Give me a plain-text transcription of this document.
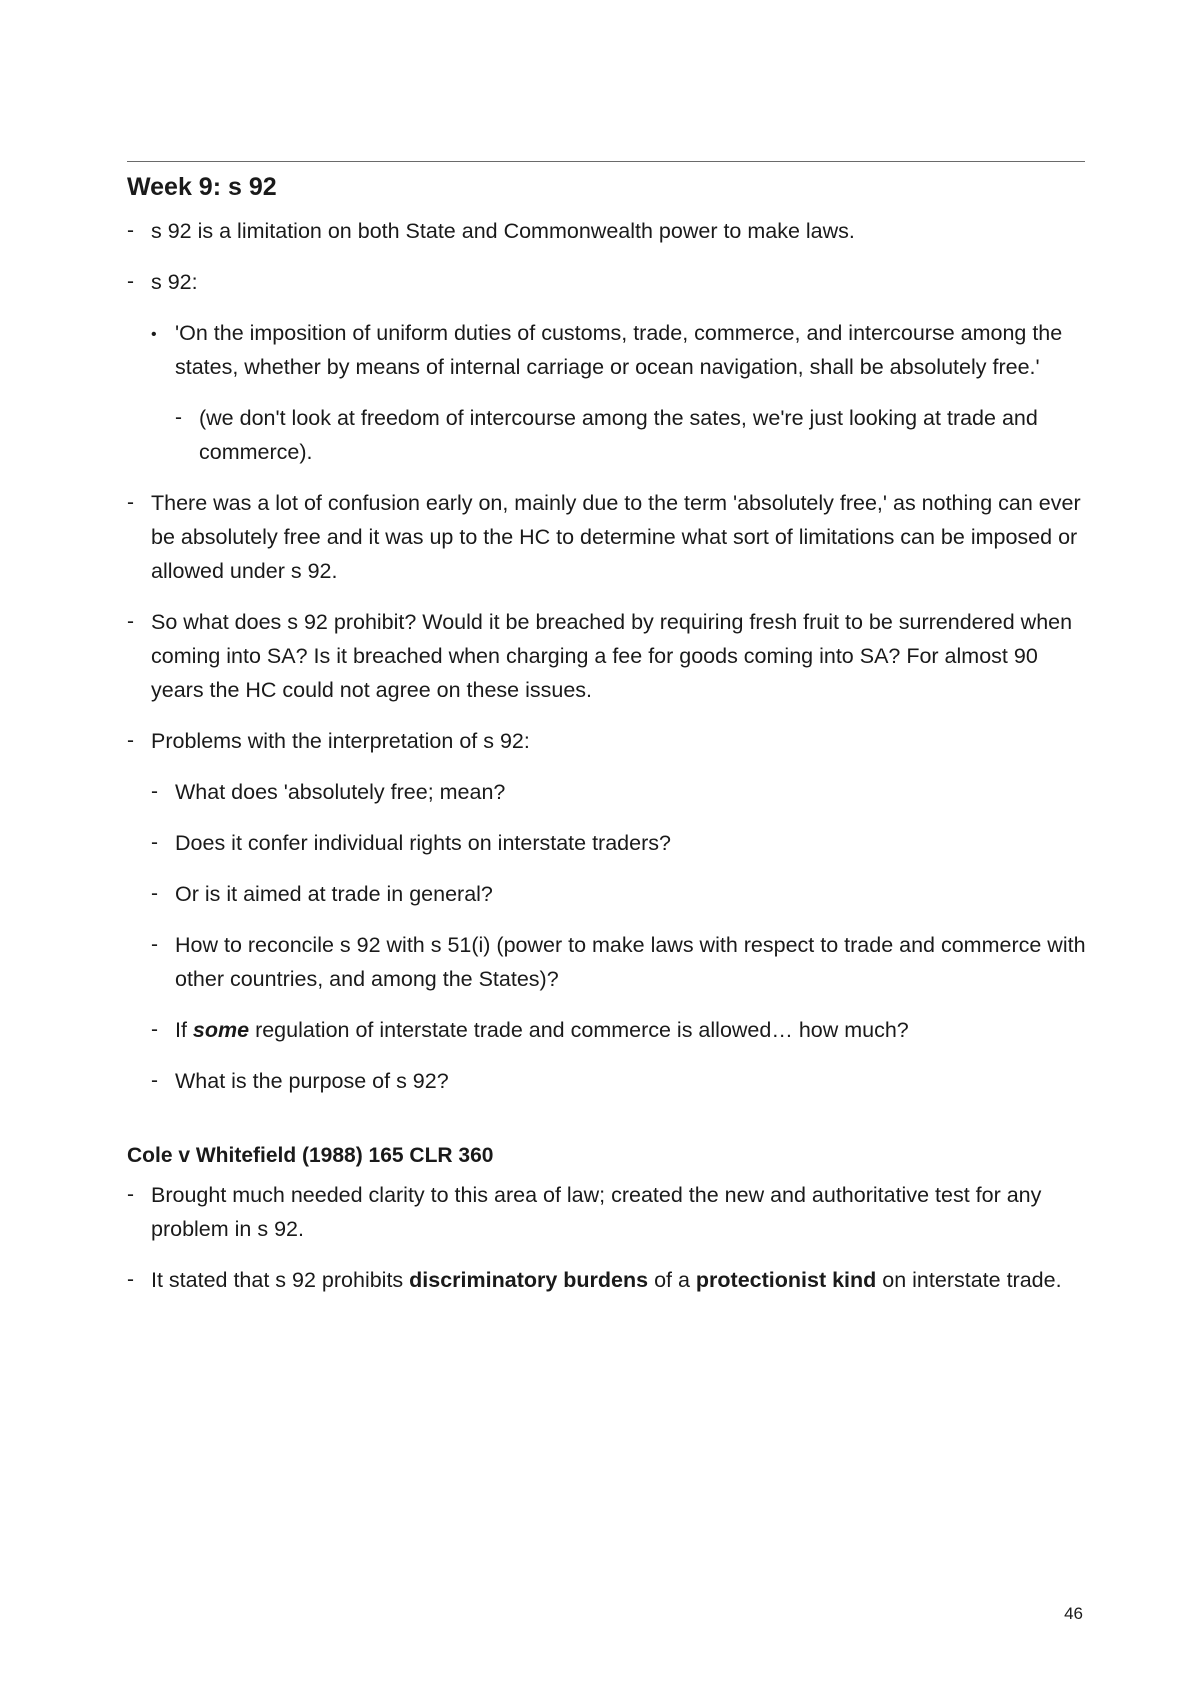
Week 9: s 92
-
s 92 is a limitation on both State and Commonwealth power to make laws.
-
s 92:
•
'On the imposition of uniform duties of customs, trade, commerce, and intercourse among the states, whether by means of internal carriage or ocean navigation, shall be absolutely free.'
-
(we don't look at freedom of intercourse among the sates, we're just looking at trade and commerce).
-
There was a lot of confusion early on, mainly due to the term 'absolutely free,' as nothing can ever be absolutely free and it was up to the HC to determine what sort of limitations can be imposed or allowed under s 92.
-
So what does s 92 prohibit? Would it be breached by requiring fresh fruit to be surrendered when coming into SA? Is it breached when charging a fee for goods coming into SA? For almost 90 years the HC could not agree on these issues.
-
Problems with the interpretation of s 92:
-
What does 'absolutely free; mean?
-
Does it confer individual rights on interstate traders?
-
Or is it aimed at trade in general?
-
How to reconcile s 92 with s 51(i) (power to make laws with respect to trade and commerce with other countries, and among the States)?
-
If some regulation of interstate trade and commerce is allowed… how much?
-
What is the purpose of s 92?
Cole v Whitefield (1988) 165 CLR 360
-
Brought much needed clarity to this area of law; created the new and authoritative test for any problem in s 92.
-
It stated that s 92 prohibits discriminatory burdens of a protectionist kind on interstate trade.
46
